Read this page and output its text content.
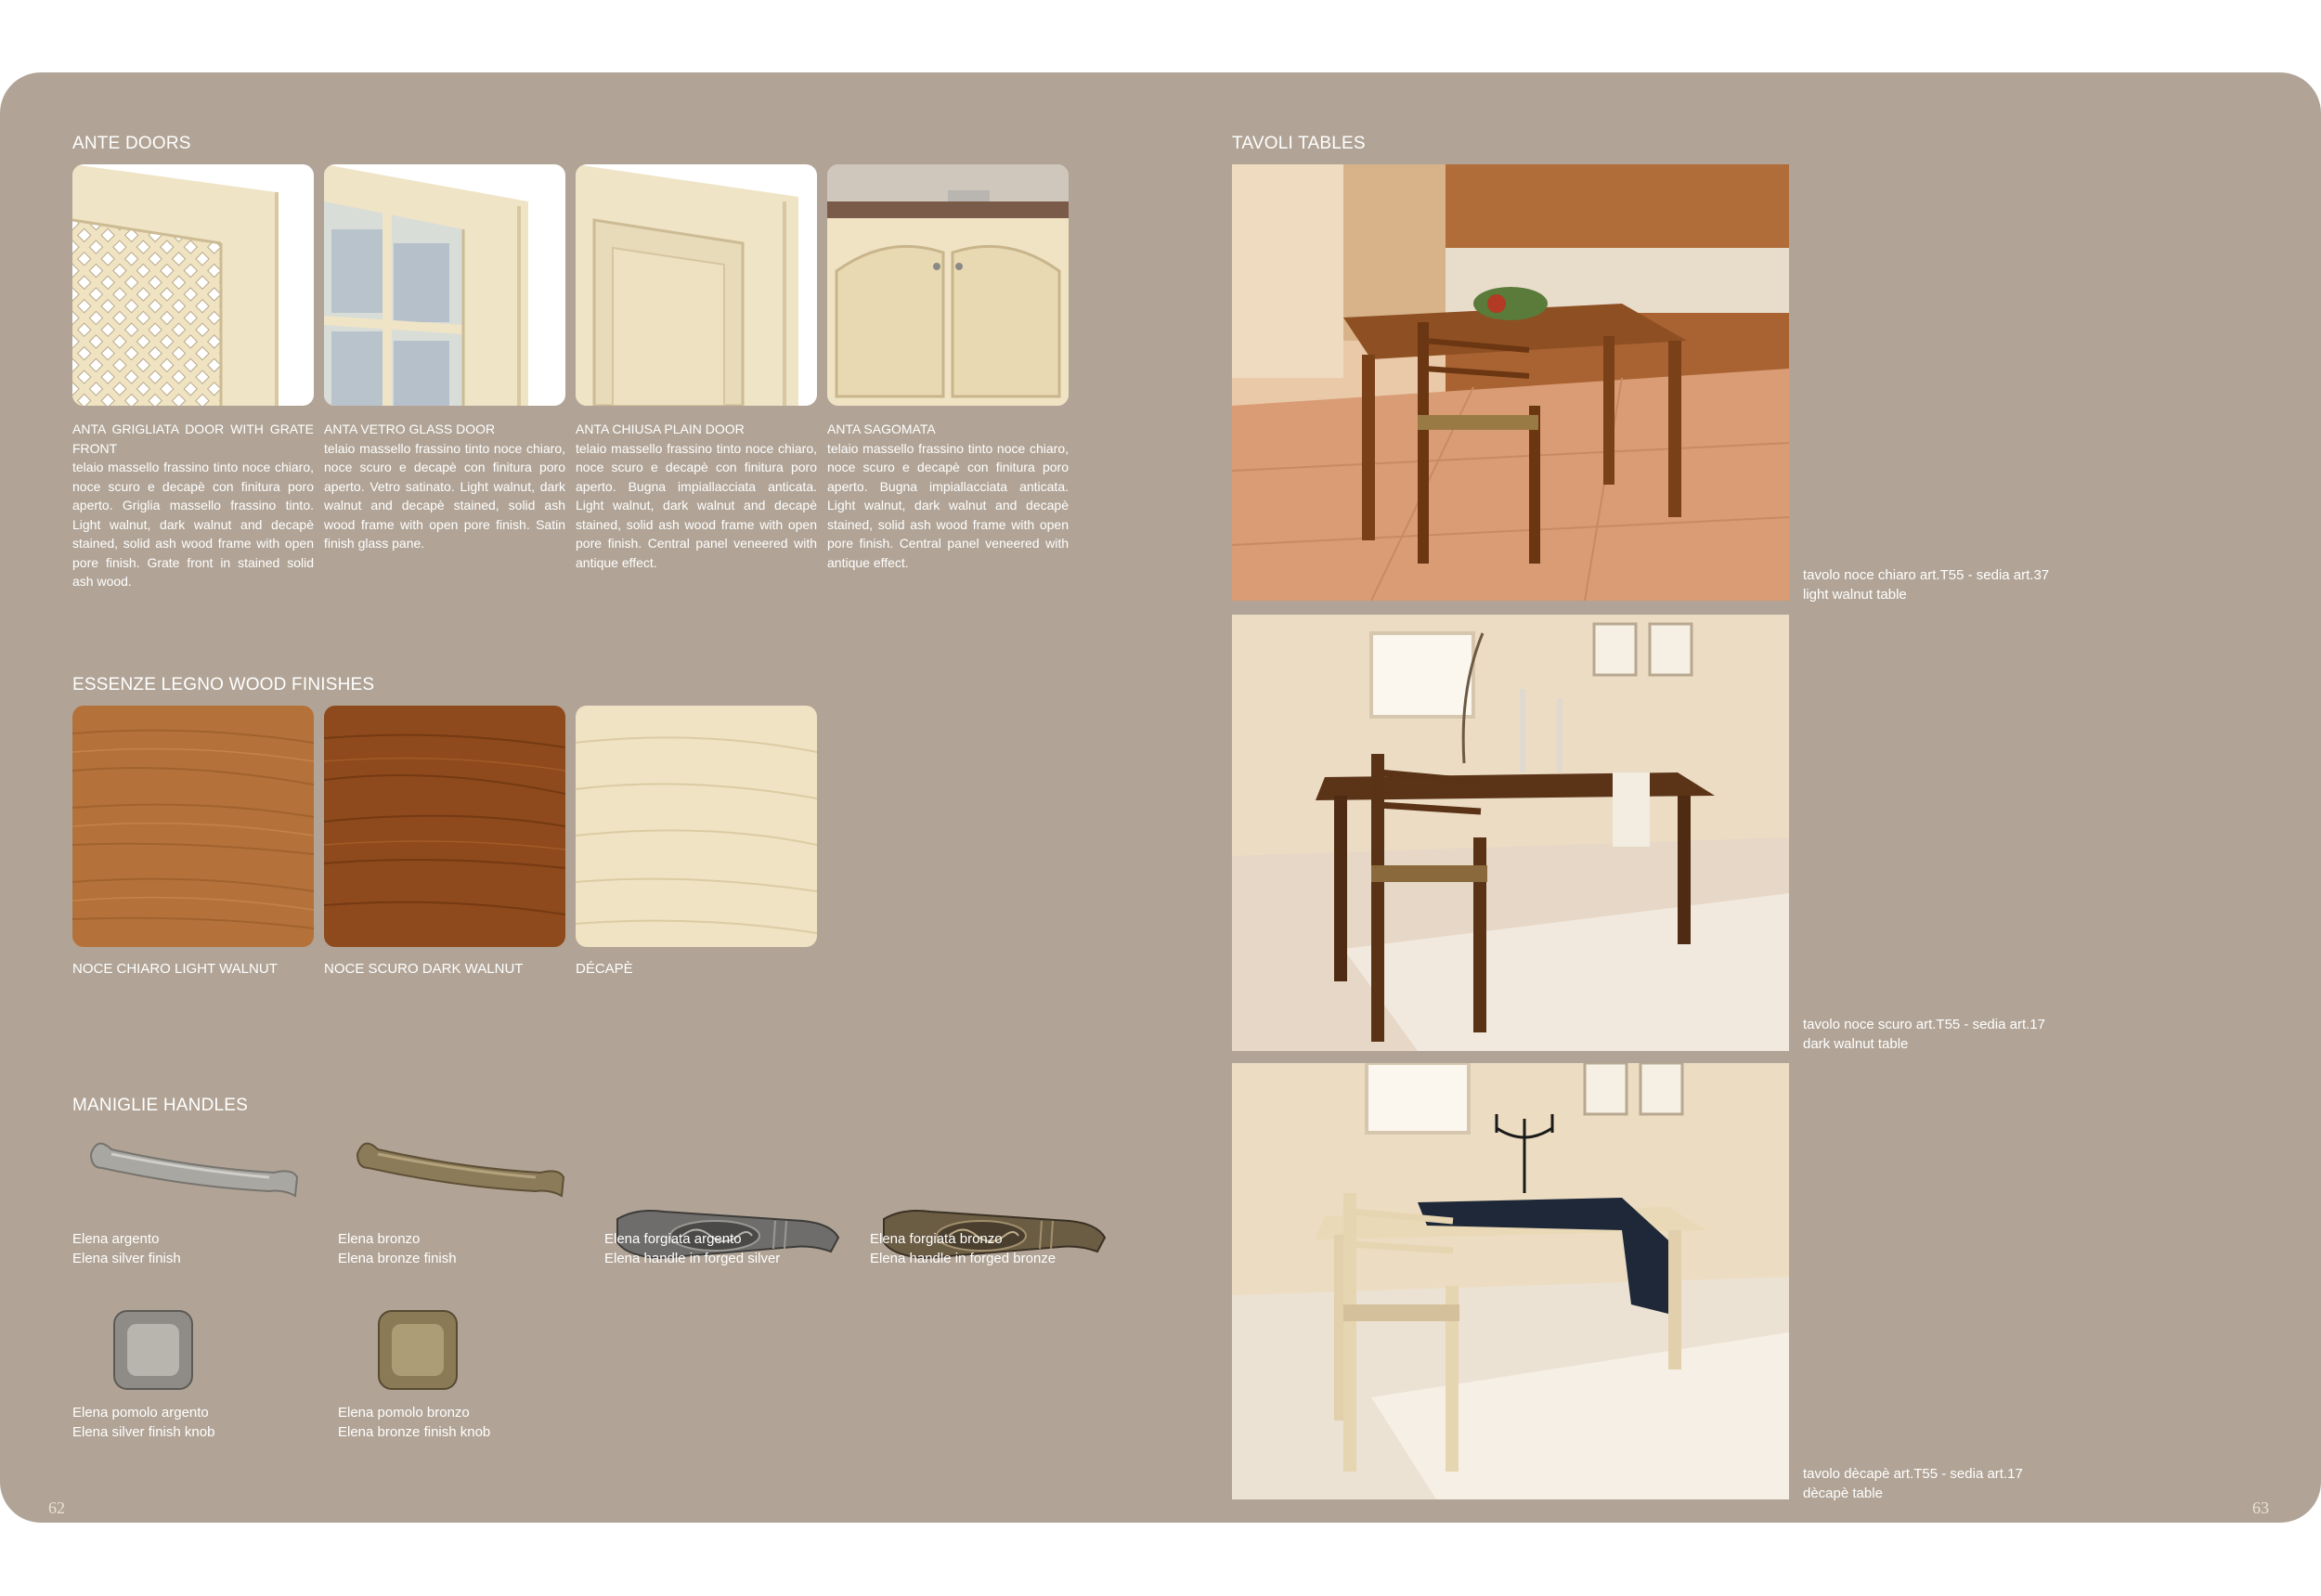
ANTE DOORS
ANTA GRIGLIATA DOOR WITH GRATE FRONT
telaio massello frassino tinto noce chiaro, noce scuro e decapè con finitura poro aperto. Griglia massello frassino tinto. Light walnut, dark walnut and decapè stained, solid ash wood frame with open pore finish. Grate front in stained solid ash wood.
ANTA VETRO GLASS DOOR
telaio massello frassino tinto noce chiaro, noce scuro e decapè con finitura poro aperto. Vetro satinato. Light walnut, dark walnut and decapè stained, solid ash wood frame with open pore finish. Satin finish glass pane.
ANTA CHIUSA PLAIN DOOR
telaio massello frassino tinto noce chiaro, noce scuro e decapè con finitura poro aperto. Bugna impiallacciata anticata. Light walnut, dark walnut and decapè stained, solid ash wood frame with open pore finish. Central panel veneered with antique effect.
ANTA SAGOMATA
telaio massello frassino tinto noce chiaro, noce scuro e decapè con finitura poro aperto. Bugna impiallacciata anticata. Light walnut, dark walnut and decapè stained, solid ash wood frame with open pore finish. Central panel veneered with antique effect.
ESSENZE LEGNO WOOD FINISHES
NOCE CHIARO LIGHT WALNUT	NOCE SCURO DARK WALNUT	DÉCAPÈ
MANIGLIE HANDLES
Elena argento
Elena silver finish
Elena bronzo
Elena bronze finish
Elena forgiata argento
Elena handle in forged silver
Elena forgiata bronzo
Elena handle in forged bronze
Elena pomolo argento
Elena silver finish knob
Elena pomolo bronzo
Elena bronze finish knob
TAVOLI TABLES
tavolo noce chiaro art.T55 - sedia art.37
light walnut table
tavolo noce scuro art.T55 - sedia art.17
dark walnut table
tavolo dècapè art.T55 - sedia art.17
dècapè table
62	63
